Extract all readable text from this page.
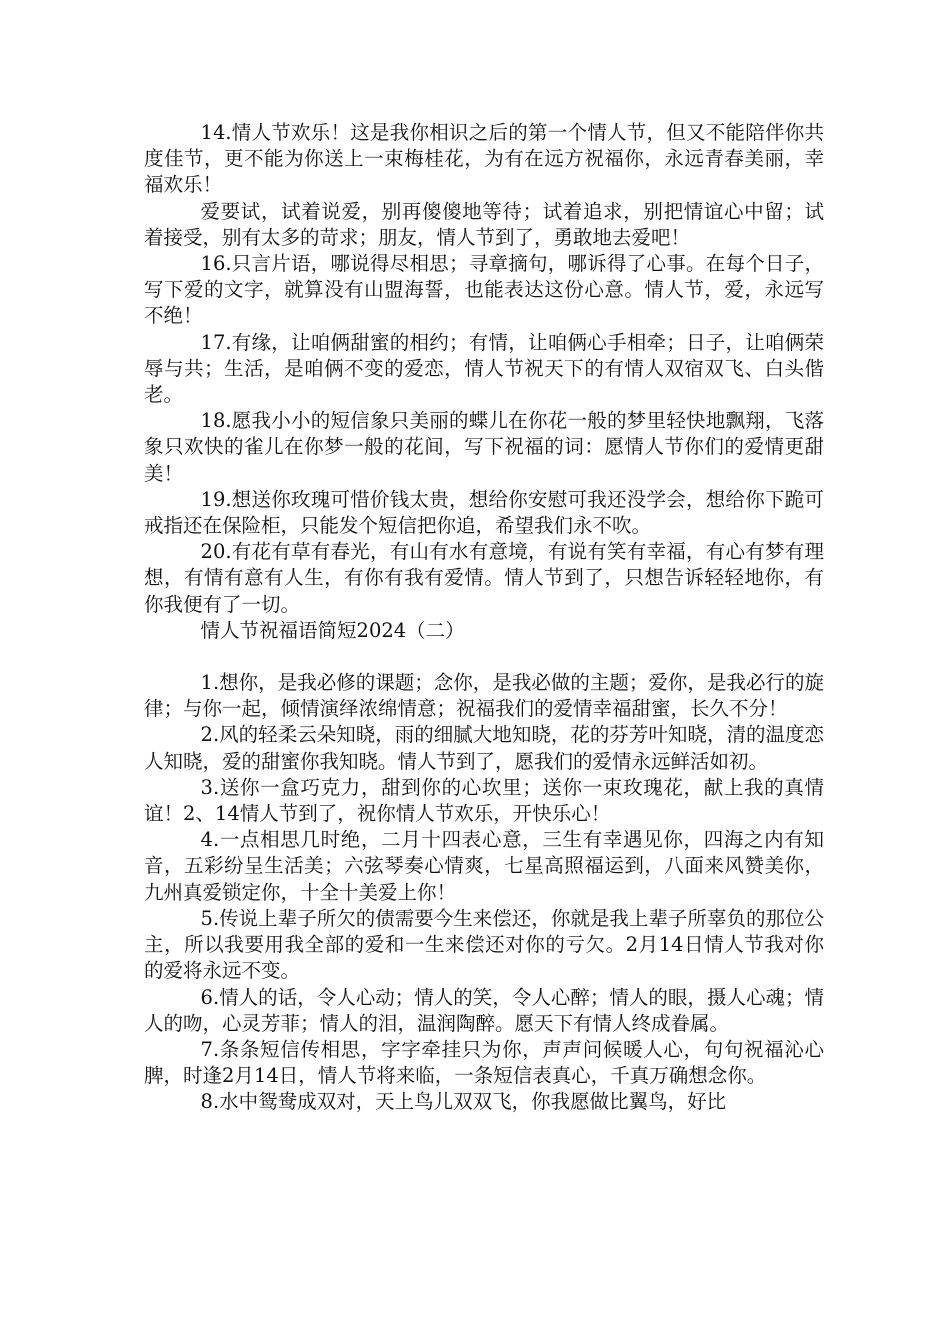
14.情人节欢乐！这是我你相识之后的第一个情人节，但又不能陪伴你共度佳节，更不能为你送上一束梅桂花，为有在远方祝福你，永远青春美丽，幸福欢乐！

爱要试，试着说爱，别再傻傻地等待；试着追求，别把情谊心中留；试着接受，别有太多的苛求；朋友，情人节到了，勇敢地去爱吧！

16.只言片语，哪说得尽相思；寻章摘句，哪诉得了心事。在每个日子，写下爱的文字，就算没有山盟海誓，也能表达这份心意。情人节，爱，永远写不绝！

17.有缘，让咱俩甜蜜的相约；有情，让咱俩心手相牵；日子，让咱俩荣辱与共；生活，是咱俩不变的爱恋，情人节祝天下的有情人双宿双飞、白头偕老。

18.愿我小小的短信象只美丽的蝶儿在你花一般的梦里轻快地飘翔，飞落象只欢快的雀儿在你梦一般的花间，写下祝福的词：愿情人节你们的爱情更甜美！

19.想送你玫瑰可惜价钱太贵，想给你安慰可我还没学会，想给你下跪可戒指还在保险柜，只能发个短信把你追，希望我们永不吹。

20.有花有草有春光，有山有水有意境，有说有笑有幸福，有心有梦有理想，有情有意有人生，有你有我有爱情。情人节到了，只想告诉轻轻地你，有你我便有了一切。

情人节祝福语简短2024（二）

1.想你，是我必修的课题；念你，是我必做的主题；爱你，是我必行的旋律；与你一起，倾情演绎浓绵情意；祝福我们的爱情幸福甜蜜，长久不分！

2.风的轻柔云朵知晓，雨的细腻大地知晓，花的芬芳叶知晓，清的温度恋人知晓，爱的甜蜜你我知晓。情人节到了，愿我们的爱情永远鲜活如初。

3.送你一盒巧克力，甜到你的心坎里；送你一束玫瑰花，献上我的真情谊！2、14情人节到了，祝你情人节欢乐，开快乐心！

4.一点相思几时绝，二月十四表心意，三生有幸遇见你，四海之内有知音，五彩纷呈生活美；六弦琴奏心情爽，七星高照福运到，八面来风赞美你，九州真爱锁定你，十全十美爱上你！

5.传说上辈子所欠的债需要今生来偿还，你就是我上辈子所辜负的那位公主，所以我要用我全部的爱和一生来偿还对你的亏欠。2月14日情人节我对你的爱将永远不变。

6.情人的话，令人心动；情人的笑，令人心醉；情人的眼，摄人心魂；情人的吻，心灵芳菲；情人的泪，温润陶醉。愿天下有情人终成眷属。

7.条条短信传相思，字字牵挂只为你，声声问候暖人心，句句祝福沁心脾，时逢2月14日，情人节将来临，一条短信表真心，千真万确想念你。

8.水中鸳鸯成双对，天上鸟儿双双飞，你我愿做比翼鸟，好比
